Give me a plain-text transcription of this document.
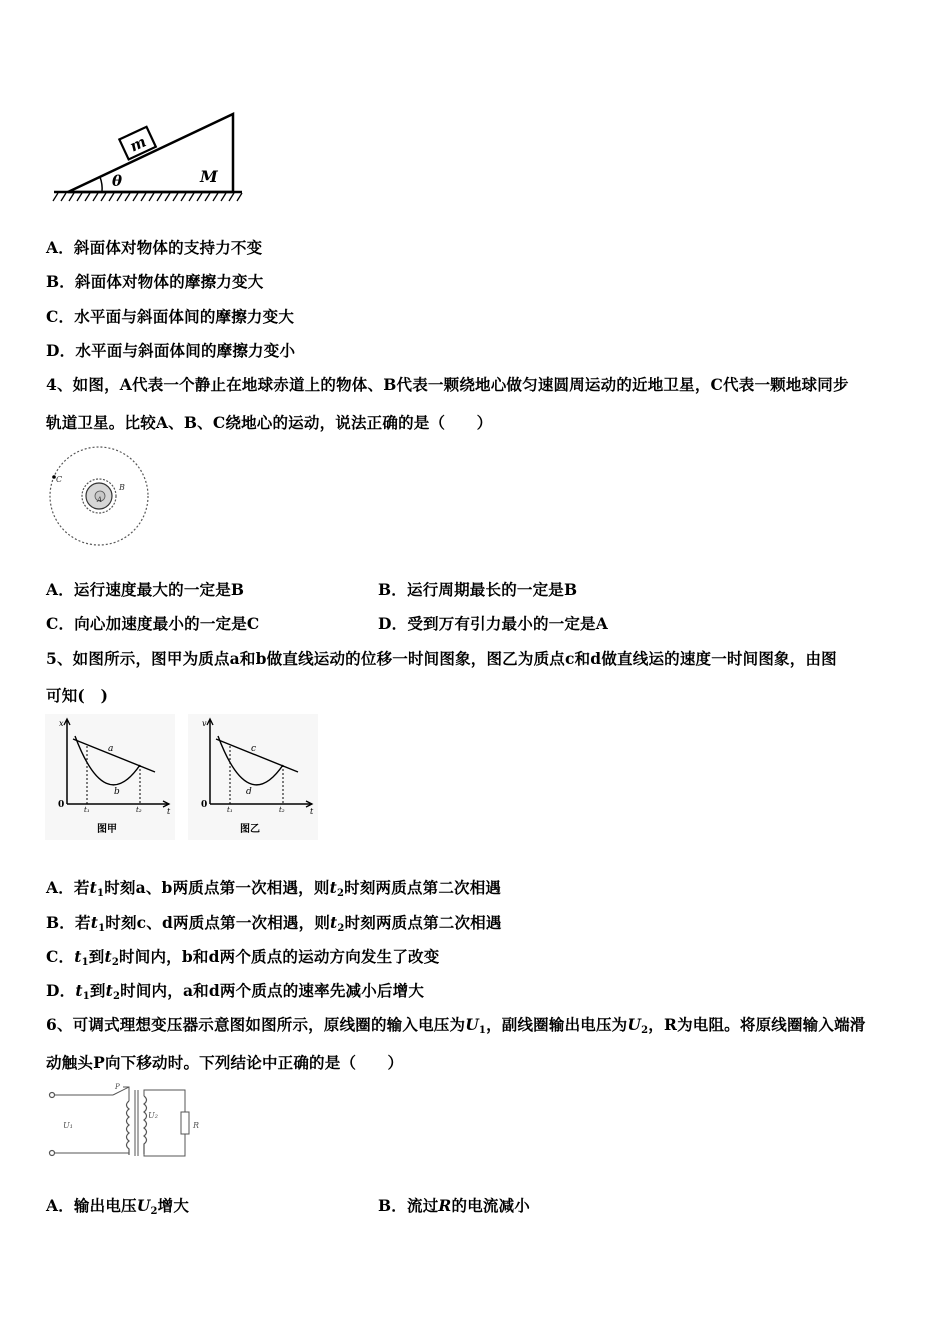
m
θ	M
A．斜面体对物体的支持力不变
B．斜面体对物体的摩擦力变大
C．水平面与斜面体间的摩擦力变大
D．水平面与斜面体间的摩擦力变小
4、如图，A代表一个静止在地球赤道上的物体、B代表一颗绕地心做匀速圆周运动的近地卫星，C代表一颗地球同步
轨道卫星。比较A、B、C绕地心的运动，说法正确的是（　　）
C
B
A
A．运行速度最大的一定是B	B．运行周期最长的一定是B
C．向心加速度最小的一定是C	D．受到万有引力最小的一定是A
5、如图所示，图甲为质点a和b做直线运动的位移一时间图象，图乙为质点c和d做直线运的速度一时间图象，由图
可知(　)
x
0
t
a
b
t₁	t₂
图甲
v
0
t
c
d
t₁	t₂
图乙
A．若$t_1$时刻a、b两质点第一次相遇，则$t_2$时刻两质点第二次相遇
B．若$t_1$时刻c、d两质点第一次相遇，则$t_2$时刻两质点第二次相遇
C．$t_1$到$t_2$时间内，b和d两个质点的运动方向发生了改变
D．$t_1$到$t_2$时间内，a和d两个质点的速率先减小后增大
6、可调式理想变压器示意图如图所示，原线圈的输入电压为$U_1$，副线圈输出电压为$U_2$，R为电阻。将原线圈输入端滑
动触头P向下移动时。下列结论中正确的是（　　）
P
U₁
U₂
R
A．输出电压$U_2$增大	B．流过R的电流减小
